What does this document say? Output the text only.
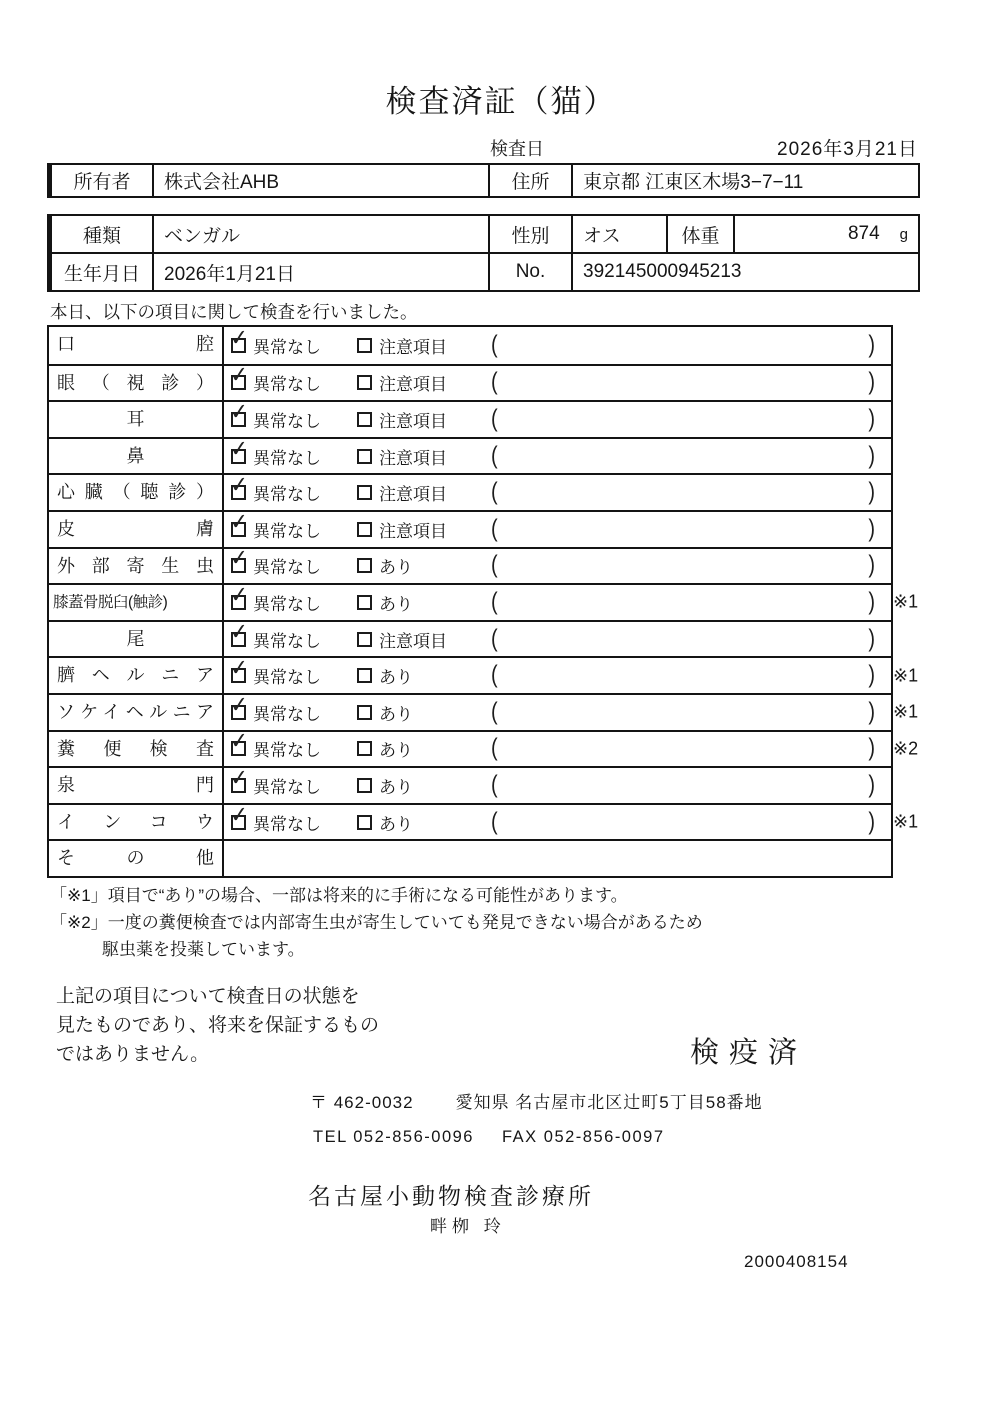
検査済証（猫）
検査日	2026年3月21日
所有者	株式会社AHB	住所	東京都 江東区木場3−7−11
種類	ベンガル	性別	オス	体重	874 g
生年月日	2026年1月21日	No.	392145000945213
本日、以下の項目に関して検査を行いました。
口腔 ✓ 異常なし	注意項目 (	)
眼（視診） ✓ 異常なし	注意項目 (	)
耳	✓ 異常なし	注意項目 (	)
鼻	✓ 異常なし	注意項目 (	)
心臓（聴診） ✓ 異常なし	注意項目 (	)
皮膚 ✓ 異常なし	注意項目 (	)
外部寄生虫 ✓ 異常なし	あり	(	)
膝蓋骨脱臼(触診)	✓ 異常なし	あり	(	) ※1
尾	✓ 異常なし	注意項目 (	)
臍ヘルニア ✓ 異常なし	あり	(	) ※1
ソケイヘルニア ✓ 異常なし	あり	(	) ※1
糞便検査 ✓ 異常なし	あり	(	) ※2
泉門 ✓ 異常なし	あり	(	)
インコウ ✓ 異常なし	あり	(	) ※1
その他
「※1」項目で“あり”の場合、一部は将来的に手術になる可能性があります。
「※2」一度の糞便検査では内部寄生虫が寄生していても発見できない場合があるため
駆虫薬を投薬しています。
上記の項目について検査日の状態を
見たものであり、将来を保証するもの
ではありません。	検疫済
〒 462-0032 愛知県 名古屋市北区辻町5丁目58番地
TEL 052-856-0096 FAX 052-856-0097
名古屋小動物検査診療所
畔栁 玲
2000408154
